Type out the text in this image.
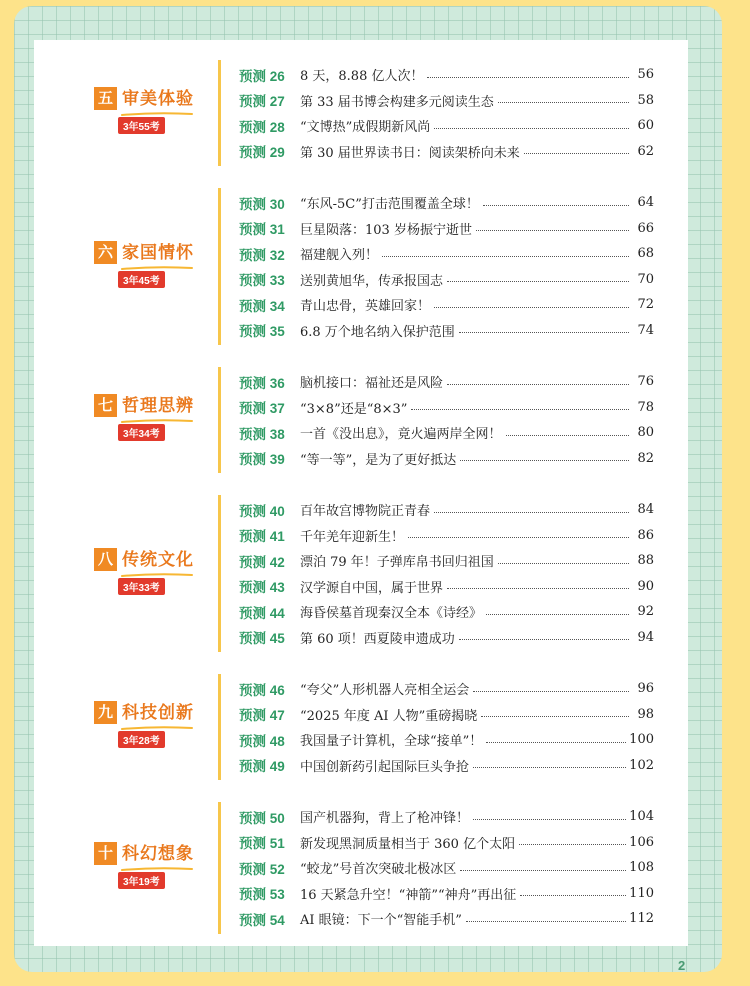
五 审美体验
3年55考
预测 26	8 天，8.88 亿人次！	56
预测 27	第 33 届书博会构建多元阅读生态	58
预测 28	“文博热”成假期新风尚	60
预测 29	第 30 届世界读书日：阅读架桥向未来	62
六 家国情怀
3年45考
预测 30	“东风-5C”打击范围覆盖全球！	64
预测 31	巨星陨落：103 岁杨振宁逝世	66
预测 32	福建舰入列！	68
预测 33	送别黄旭华，传承报国志	70
预测 34	青山忠骨，英雄回家！	72
预测 35	6.8 万个地名纳入保护范围	74
七 哲理思辨
3年34考
预测 36	脑机接口：福祉还是风险	76
预测 37	“3×8”还是“8×3”	78
预测 38	一首《没出息》，竟火遍两岸全网！	80
预测 39	“等一等”，是为了更好抵达	82
八 传统文化
3年33考
预测 40	百年故宫博物院正青春	84
预测 41	千年羌年迎新生！	86
预测 42	漂泊 79 年！子弹库帛书回归祖国	88
预测 43	汉学源自中国，属于世界	90
预测 44	海昏侯墓首现秦汉全本《诗经》	92
预测 45	第 60 项！西夏陵申遗成功	94
九 科技创新
3年28考
预测 46	“夸父”人形机器人亮相全运会	96
预测 47	“2025 年度 AI 人物”重磅揭晓	98
预测 48	我国量子计算机，全球“接单”！	100
预测 49	中国创新药引起国际巨头争抢	102
十 科幻想象
3年19考
预测 50	国产机器狗，背上了枪冲锋！	104
预测 51	新发现黑洞质量相当于 360 亿个太阳	106
预测 52	“蛟龙”号首次突破北极冰区	108
预测 53	16 天紧急升空！“神箭”“神舟”再出征	110
预测 54	AI 眼镜：下一个“智能手机”	112
2
